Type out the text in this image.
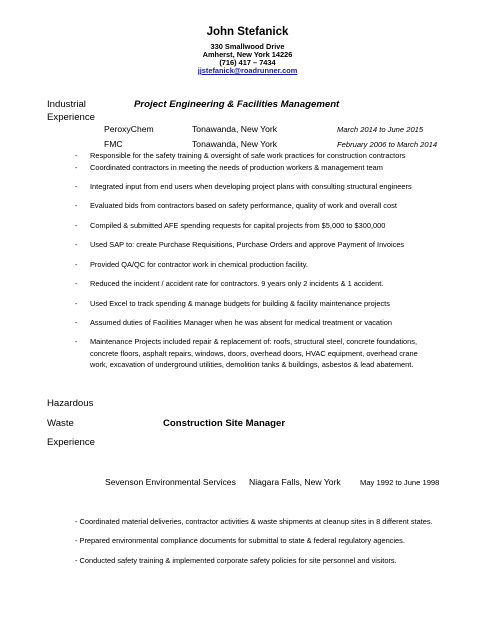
John Stefanick
330 Smallwood Drive
Amherst, New York 14226
(716) 417 – 7434
jjstefanick@roadrunner.com
Industrial
Experience
Project Engineering & Facilities Management
PeroxyChem	Tonawanda, New York	March 2014 to June 2015
FMC	Tonawanda, New York	February 2006 to March 2014
- Responsible for the safety training & oversight of safe work practices for construction contractors
- Coordinated contractors in meeting the needs of production workers & management team
- Integrated input from end users when developing project plans with consulting structural engineers
- Evaluated bids from contractors based on safety performance, quality of work and overall cost
- Compiled & submitted AFE spending requests for capital projects from $5,000 to $300,000
- Used SAP to: create Purchase Requisitions, Purchase Orders and approve Payment of Invoices
- Provided QA/QC for contractor work in chemical production facility.
- Reduced the incident / accident rate for contractors. 9 years only 2 incidents & 1 accident.
- Used Excel to track spending & manage budgets for building & facility maintenance projects
- Assumed duties of Facilities Manager when he was absent for medical treatment or vacation
- Maintenance Projects included repair & replacement of: roofs, structural steel, concrete foundations, concrete floors, asphalt repairs, windows, doors, overhead doors, HVAC equipment, overhead crane work, excavation of underground utilities, demolition tanks & buildings, asbestos & lead abatement.
Hazardous
Waste
Experience
Construction Site Manager
Sevenson Environmental Services Niagara Falls, New York	May 1992 to June 1998
- Coordinated material deliveries, contractor activities & waste shipments at cleanup sites in 8 different states.
- Prepared environmental compliance documents for submittal to state & federal regulatory agencies.
- Conducted safety training & implemented corporate safety policies for site personnel and visitors.
